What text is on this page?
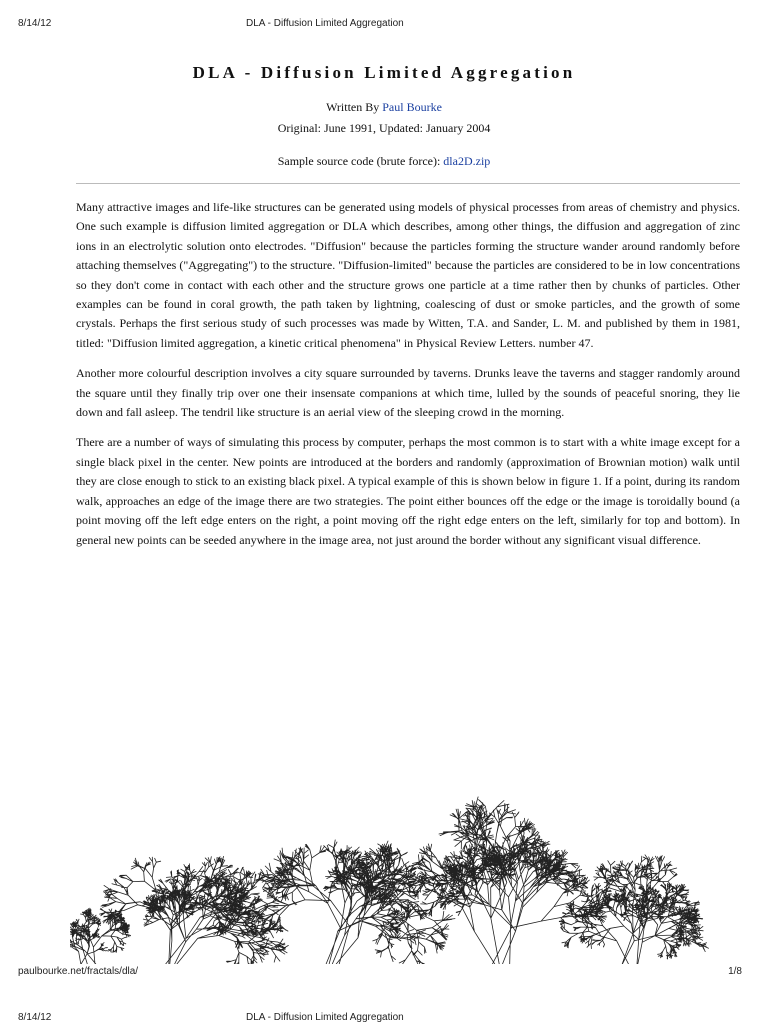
8/14/12	DLA - Diffusion Limited Aggregation
DLA - Diffusion Limited Aggregation
Written By Paul Bourke
Original: June 1991, Updated: January 2004
Sample source code (brute force): dla2D.zip

Many attractive images and life-like structures can be generated using models of physical processes from areas of chemistry and physics. One such example is diffusion limited aggregation or DLA which describes, among other things, the diffusion and aggregation of zinc ions in an electrolytic solution onto electrodes. "Diffusion" because the particles forming the structure wander around randomly before attaching themselves ("Aggregating") to the structure. "Diffusion-limited" because the particles are considered to be in low concentrations so they don't come in contact with each other and the structure grows one particle at a time rather then by chunks of particles. Other examples can be found in coral growth, the path taken by lightning, coalescing of dust or smoke particles, and the growth of some crystals. Perhaps the first serious study of such processes was made by Witten, T.A. and Sander, L. M. and published by them in 1981, titled: "Diffusion limited aggregation, a kinetic critical phenomena" in Physical Review Letters. number 47.

Another more colourful description involves a city square surrounded by taverns. Drunks leave the taverns and stagger randomly around the square until they finally trip over one their insensate companions at which time, lulled by the sounds of peaceful snoring, they lie down and fall asleep. The tendril like structure is an aerial view of the sleeping crowd in the morning.

There are a number of ways of simulating this process by computer, perhaps the most common is to start with a white image except for a single black pixel in the center. New points are introduced at the borders and randomly (approximation of Brownian motion) walk until they are close enough to stick to an existing black pixel. A typical example of this is shown below in figure 1. If a point, during its random walk, approaches an edge of the image there are two strategies. The point either bounces off the edge or the image is toroidally bound (a point moving off the left edge enters on the right, a point moving off the right edge enters on the left, similarly for top and bottom). In general new points can be seeded anywhere in the image area, not just around the border without any significant visual difference.

paulbourke.net/fractals/dla/	1/8
8/14/12	DLA - Diffusion Limited Aggregation
